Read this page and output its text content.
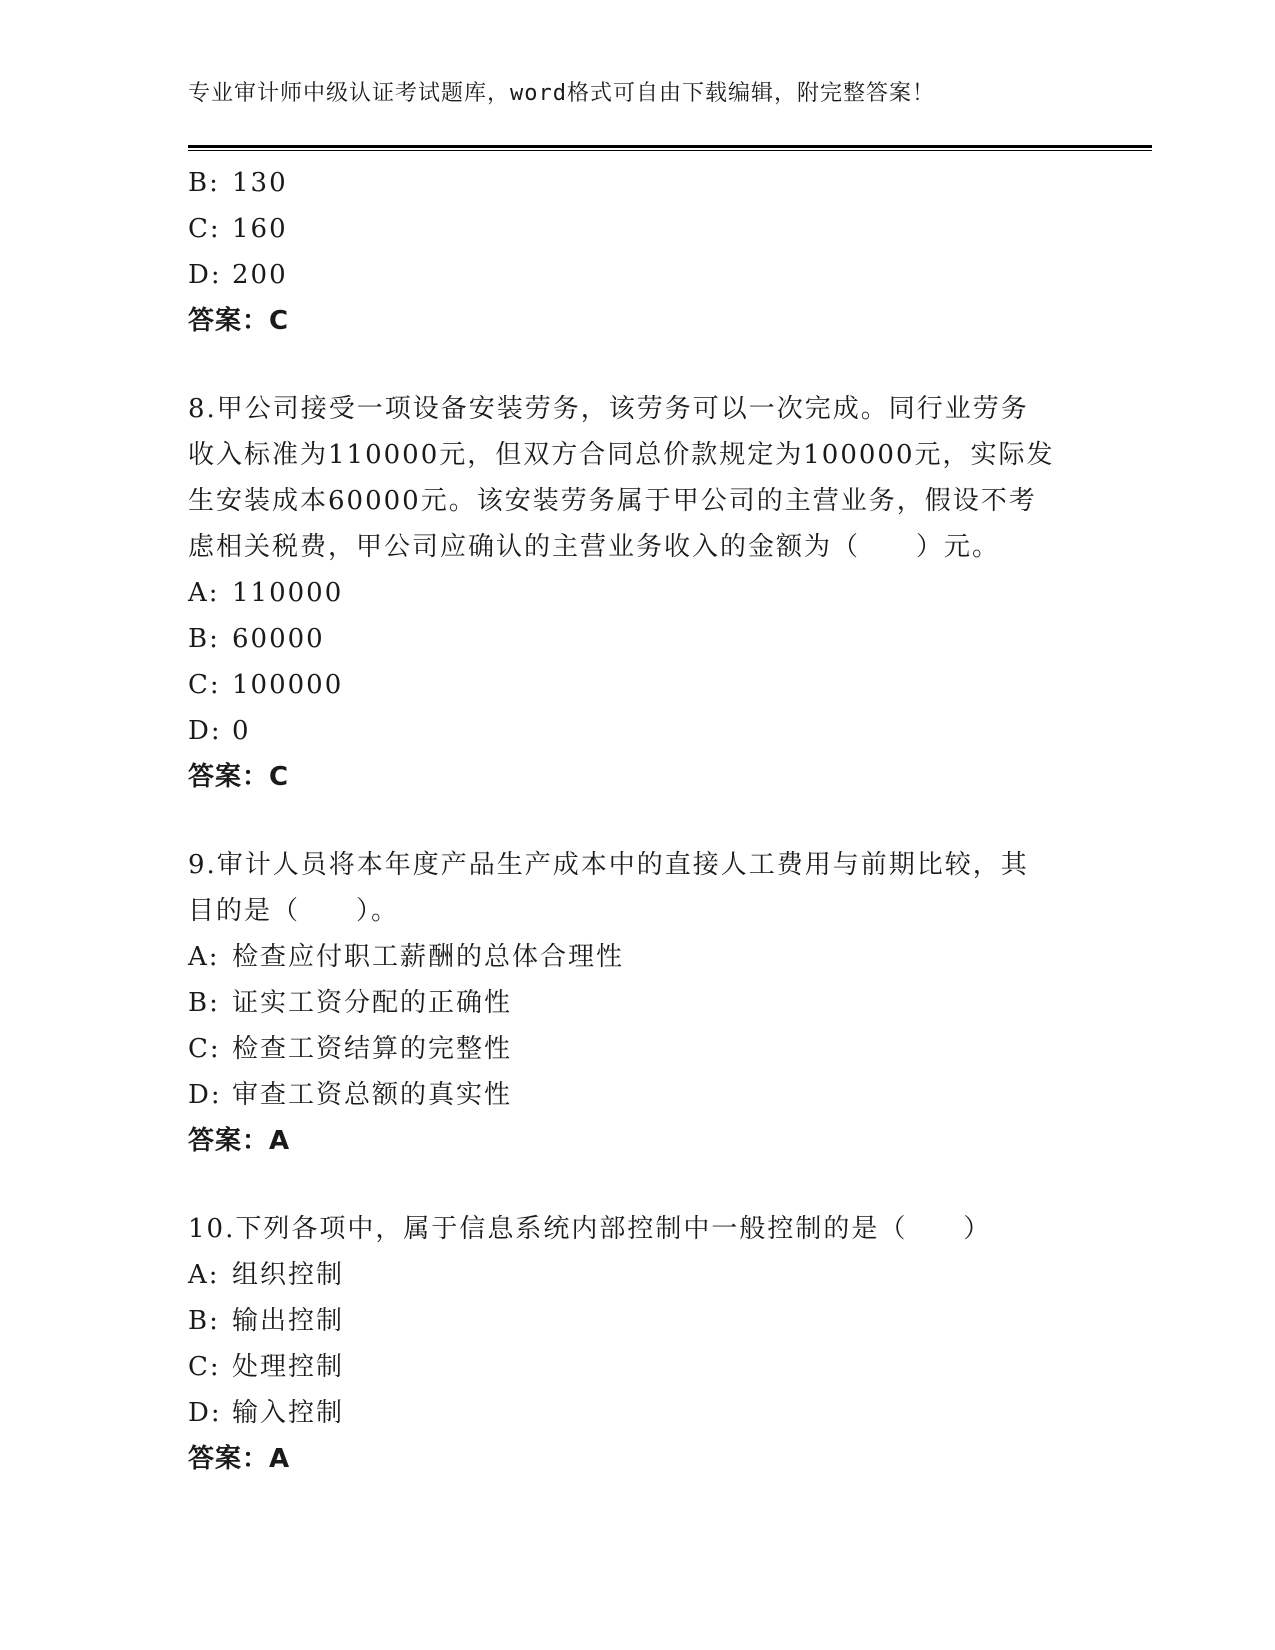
专业审计师中级认证考试题库，word格式可自由下载编辑，附完整答案！
B: 130
C: 160
D: 200
答案：C
8.甲公司接受一项设备安装劳务，该劳务可以一次完成。同行业劳务
收入标准为110000元，但双方合同总价款规定为100000元，实际发
生安装成本60000元。该安装劳务属于甲公司的主营业务，假设不考
虑相关税费，甲公司应确认的主营业务收入的金额为（　　）元。
A: 110000
B: 60000
C: 100000
D: 0
答案：C
9.审计人员将本年度产品生产成本中的直接人工费用与前期比较，其
目的是（　　）。
A: 检查应付职工薪酬的总体合理性
B: 证实工资分配的正确性
C: 检查工资结算的完整性
D: 审查工资总额的真实性
答案：A
10.下列各项中，属于信息系统内部控制中一般控制的是（　　）
A: 组织控制
B: 输出控制
C: 处理控制
D: 输入控制
答案：A
